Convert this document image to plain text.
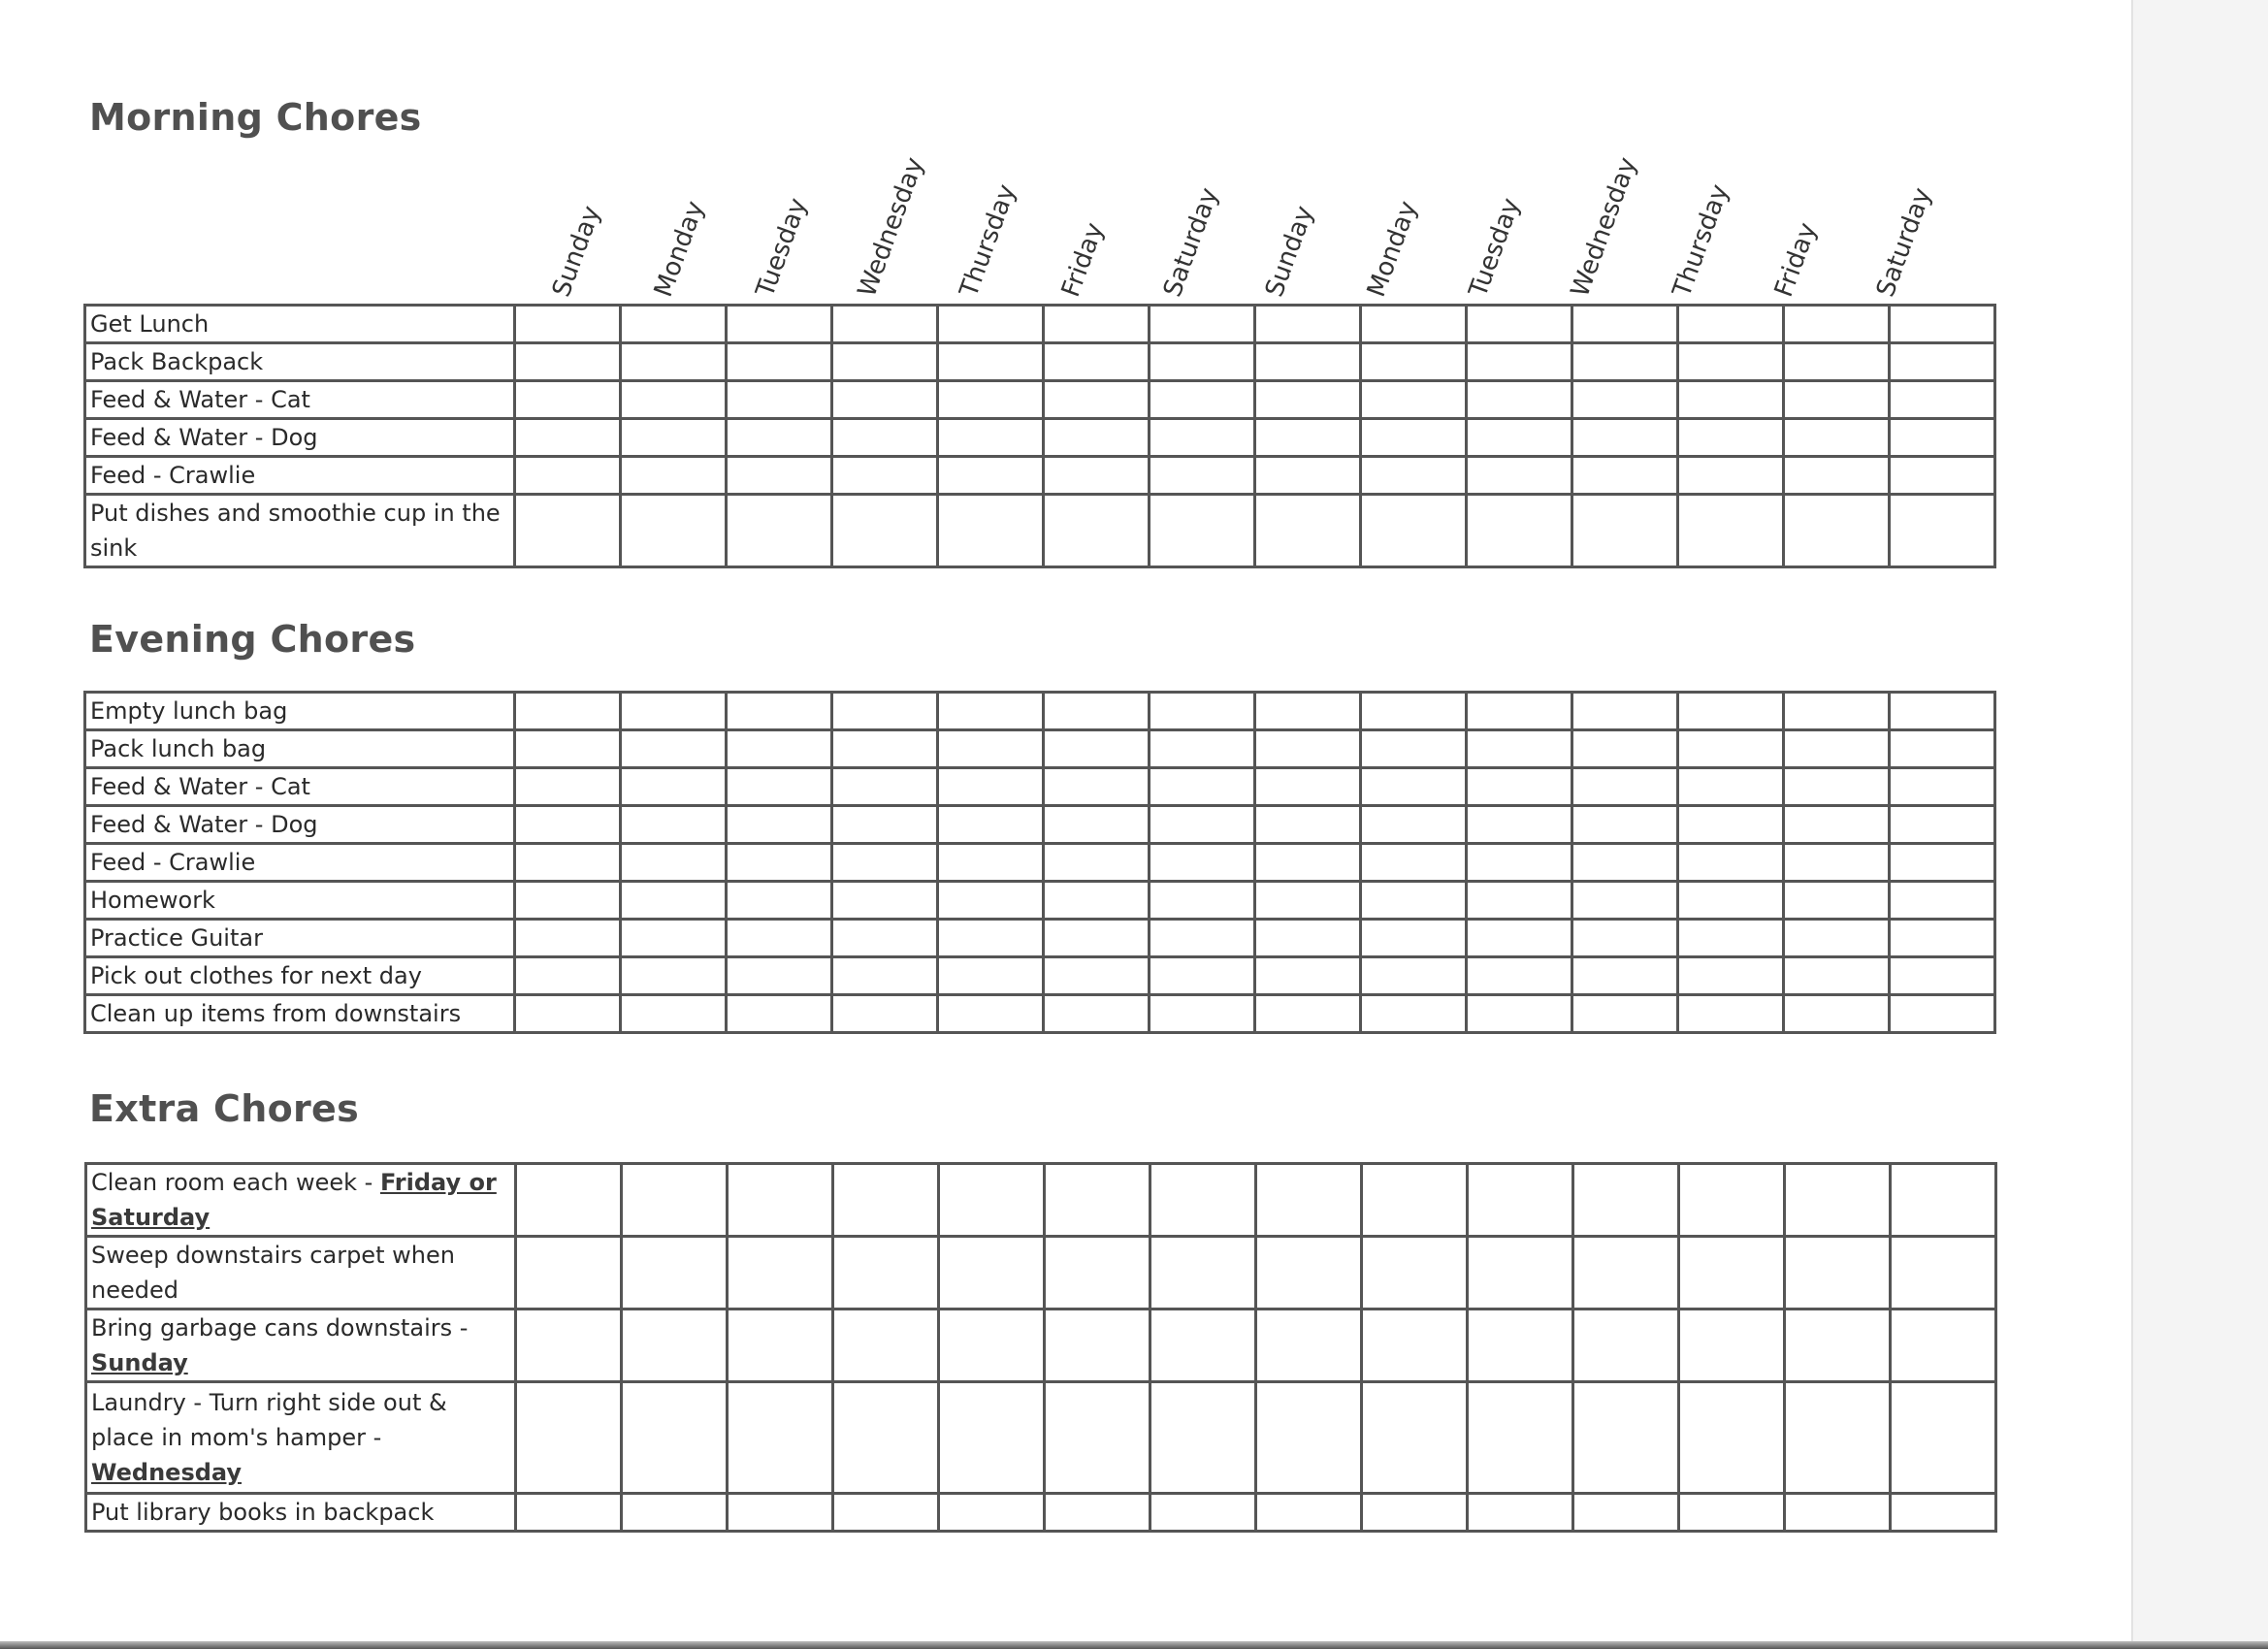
Morning Chores
Sunday Monday Tuesday Wednesday Thursday Friday Saturday Sunday Monday Tuesday Wednesday Thursday Friday Saturday
Get Lunch														
Pack Backpack														
Feed & Water - Cat														
Feed & Water - Dog														
Feed - Crawlie														
Put dishes and smoothie cup in the sink														
Evening Chores
Empty lunch bag														
Pack lunch bag														
Feed & Water - Cat														
Feed & Water - Dog														
Feed - Crawlie														
Homework														
Practice Guitar														
Pick out clothes for next day														
Clean up items from downstairs														
Extra Chores
Clean room each week - Friday or Saturday														
Sweep downstairs carpet when needed														
Bring garbage cans downstairs - Sunday														
Laundry - Turn right side out & place in mom's hamper - Wednesday														
Put library books in backpack														
